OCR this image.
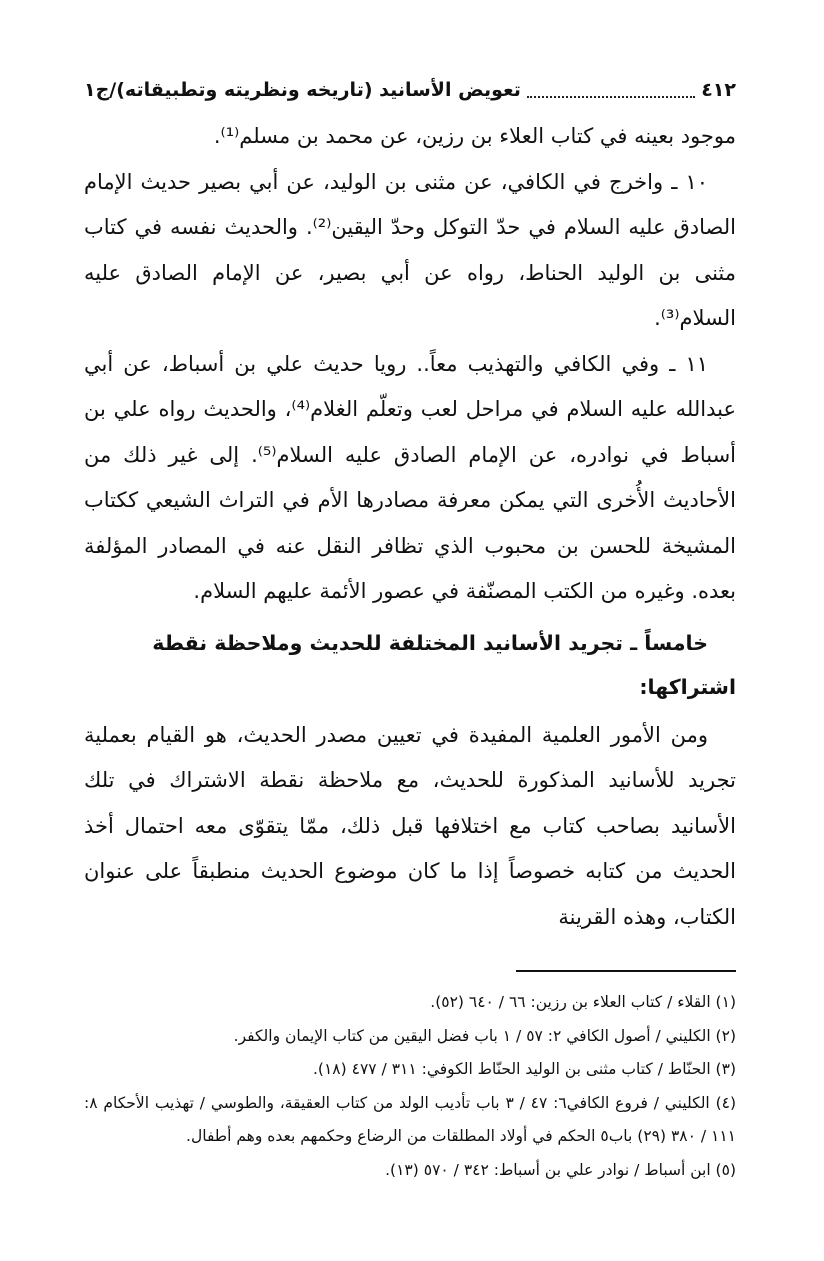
٤١٢
تعويض الأسانيد (تاريخه ونظريته وتطبيقاته)/ج١

موجود بعينه في كتاب العلاء بن رزين، عن محمد بن مسلم⁽¹⁾.

١٠ ـ واخرج في الكافي، عن مثنى بن الوليد، عن أبي بصير حديث الإمام الصادق عليه السلام في حدّ التوكل وحدّ اليقين⁽²⁾. والحديث نفسه في كتاب مثنى بن الوليد الحناط، رواه عن أبي بصير، عن الإمام الصادق عليه السلام⁽³⁾.

١١ ـ وفي الكافي والتهذيب معاً.. رويا حديث علي بن أسباط، عن أبي عبدالله عليه السلام في مراحل لعب وتعلّم الغلام⁽⁴⁾، والحديث رواه علي بن أسباط في نوادره، عن الإمام الصادق عليه السلام⁽⁵⁾. إلى غير ذلك من الأحاديث الأُخرى التي يمكن معرفة مصادرها الأم في التراث الشيعي ككتاب المشيخة للحسن بن محبوب الذي تظافر النقل عنه في المصادر المؤلفة بعده. وغيره من الكتب المصنّفة في عصور الأئمة عليهم السلام.

خامساً ـ تجريد الأسانيد المختلفة للحديث وملاحظة نقطة اشتراكها:

ومن الأمور العلمية المفيدة في تعيين مصدر الحديث، هو القيام بعملية تجريد للأسانيد المذكورة للحديث، مع ملاحظة نقطة الاشتراك في تلك الأسانيد بصاحب كتاب مع اختلافها قبل ذلك، ممّا يتقوّى معه احتمال أخذ الحديث من كتابه خصوصاً إذا ما كان موضوع الحديث منطبقاً على عنوان الكتاب، وهذه القرينة

(١) القلاء / كتاب العلاء بن رزين: ٦٦ / ٦٤٠ (٥٢).

(٢) الكليني / أصول الكافي ٢: ٥٧ / ١ باب فضل اليقين من كتاب الإيمان والكفر.

(٣) الحنّاط / كتاب مثنى بن الوليد الحنّاط الكوفي: ٣١١ / ٤٧٧ (١٨).

(٤) الكليني / فروع الكافي٦: ٤٧ / ٣ باب تأديب الولد من كتاب العقيقة، والطوسي / تهذيب الأحكام ٨: ١١١ / ٣٨٠ (٢٩) باب٥ الحكم في أولاد المطلقات من الرضاع وحكمهم بعده وهم أطفال.

(٥) ابن أسباط / نوادر علي بن أسباط: ٣٤٢ / ٥٧٠ (١٣).
